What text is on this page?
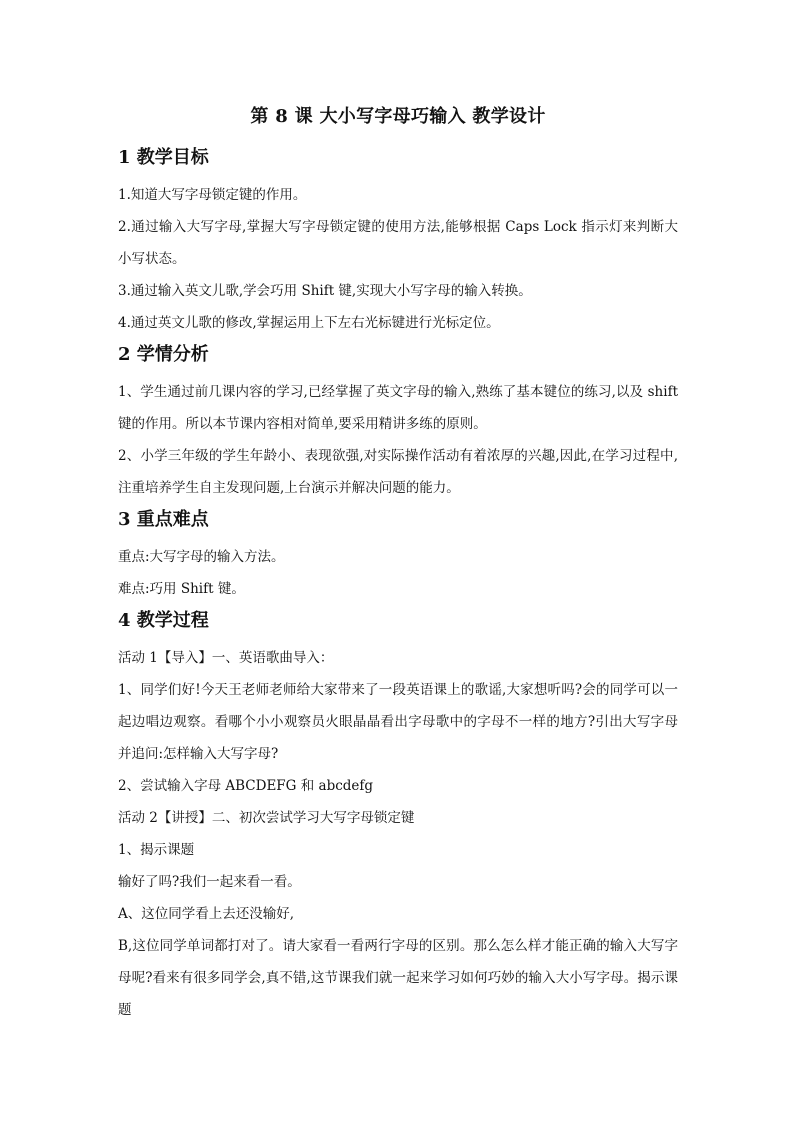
第 8 课 大小写字母巧输入 教学设计
1 教学目标

1.知道大写字母锁定键的作用。

2.通过输入大写字母,掌握大写字母锁定键的使用方法,能够根据 Caps Lock 指示灯来判断大小写状态。

3.通过输入英文儿歌,学会巧用 Shift 键,实现大小写字母的输入转换。

4.通过英文儿歌的修改,掌握运用上下左右光标键进行光标定位。

2 学情分析

1、学生通过前几课内容的学习,已经掌握了英文字母的输入,熟练了基本键位的练习,以及 shift 键的作用。所以本节课内容相对简单,要采用精讲多练的原则。

2、小学三年级的学生年龄小、表现欲强,对实际操作活动有着浓厚的兴趣,因此,在学习过程中,注重培养学生自主发现问题,上台演示并解决问题的能力。

3 重点难点

重点:大写字母的输入方法。

难点:巧用 Shift 键。

4 教学过程

活动 1【导入】一、英语歌曲导入：

1、同学们好!今天王老师老师给大家带来了一段英语课上的歌谣,大家想听吗?会的同学可以一起边唱边观察。看哪个小小观察员火眼晶晶看出字母歌中的字母不一样的地方?引出大写字母并追问:怎样输入大写字母?

2、尝试输入字母 ABCDEFG 和 abcdefg

活动 2【讲授】二、初次尝试学习大写字母锁定键

1、揭示课题

输好了吗?我们一起来看一看。

A、这位同学看上去还没输好,

B,这位同学单词都打对了。请大家看一看两行字母的区别。那么怎么样才能正确的输入大写字母呢?看来有很多同学会,真不错,这节课我们就一起来学习如何巧妙的输入大小写字母。揭示课题
